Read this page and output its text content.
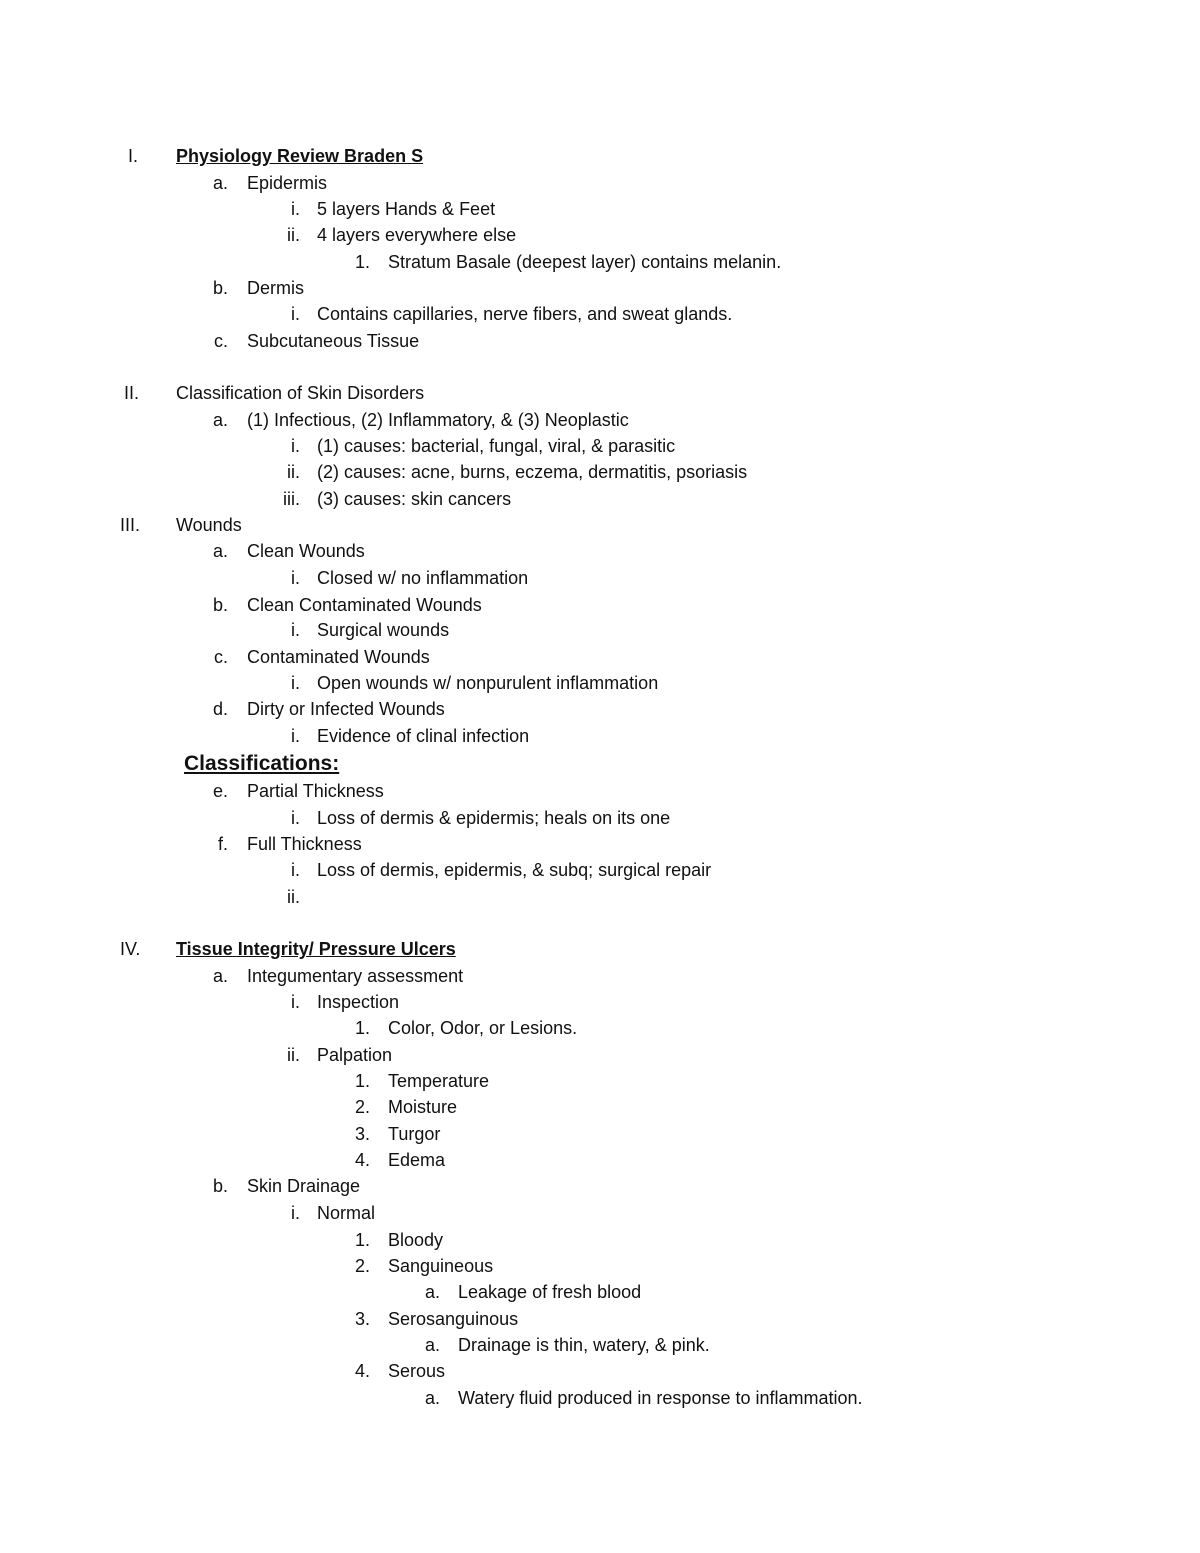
I. Physiology Review Braden S
a. Epidermis
i. 5 layers Hands & Feet
ii. 4 layers everywhere else
1. Stratum Basale (deepest layer) contains melanin.
b. Dermis
i. Contains capillaries, nerve fibers, and sweat glands.
c. Subcutaneous Tissue
II. Classification of Skin Disorders
a. (1) Infectious, (2) Inflammatory, & (3) Neoplastic
i. (1) causes: bacterial, fungal, viral, & parasitic
ii. (2) causes: acne, burns, eczema, dermatitis, psoriasis
iii. (3) causes: skin cancers
III. Wounds
a. Clean Wounds
i. Closed w/ no inflammation
b. Clean Contaminated Wounds
i. Surgical wounds
c. Contaminated Wounds
i. Open wounds w/ nonpurulent inflammation
d. Dirty or Infected Wounds
i. Evidence of clinal infection
Classifications:
e. Partial Thickness
i. Loss of dermis & epidermis; heals on its one
f. Full Thickness
i. Loss of dermis, epidermis, & subq; surgical repair
ii.
IV. Tissue Integrity/ Pressure Ulcers
a. Integumentary assessment
i. Inspection
1. Color, Odor, or Lesions.
ii. Palpation
1. Temperature
2. Moisture
3. Turgor
4. Edema
b. Skin Drainage
i. Normal
1. Bloody
2. Sanguineous
a. Leakage of fresh blood
3. Serosanguinous
a. Drainage is thin, watery, & pink.
4. Serous
a. Watery fluid produced in response to inflammation.
